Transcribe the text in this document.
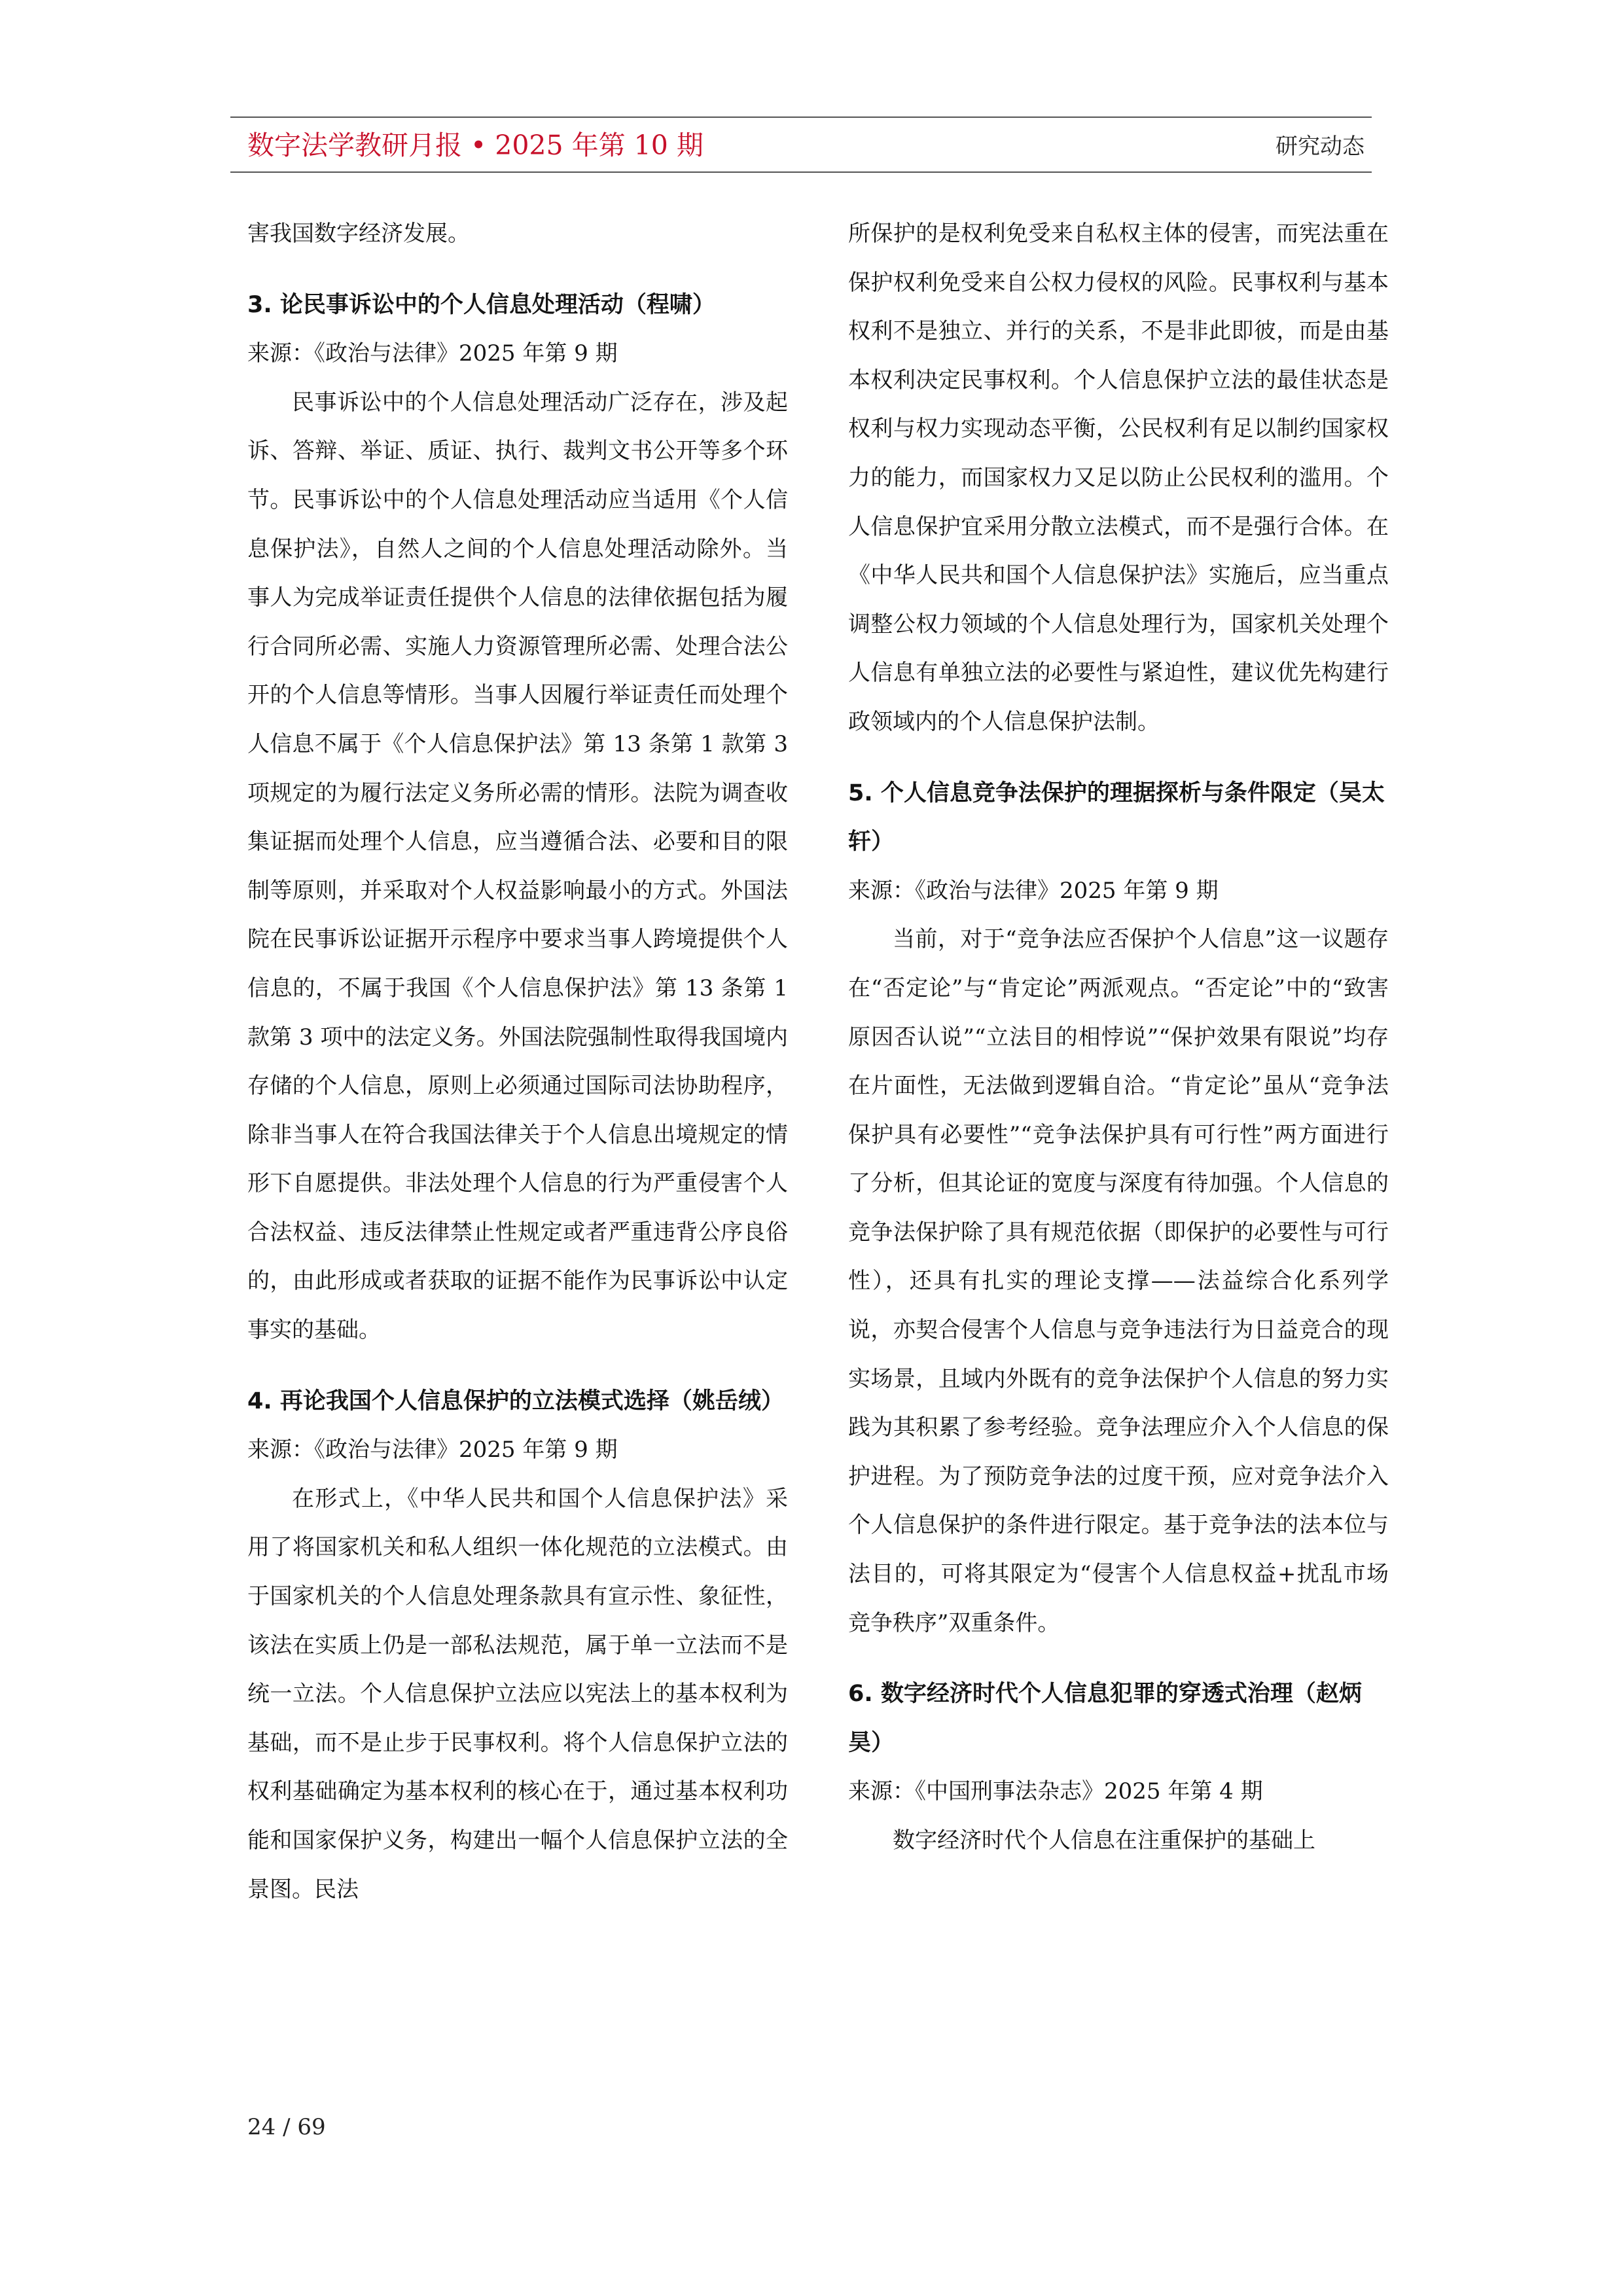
数字法学教研月报 • 2025 年第 10 期	研究动态

害我国数字经济发展。

3. 论民事诉讼中的个人信息处理活动（程啸）

来源：《政治与法律》2025 年第 9 期

民事诉讼中的个人信息处理活动广泛存在，涉及起诉、答辩、举证、质证、执行、裁判文书公开等多个环节。民事诉讼中的个人信息处理活动应当适用《个人信息保护法》，自然人之间的个人信息处理活动除外。当事人为完成举证责任提供个人信息的法律依据包括为履行合同所必需、实施人力资源管理所必需、处理合法公开的个人信息等情形。当事人因履行举证责任而处理个人信息不属于《个人信息保护法》第 13 条第 1 款第 3 项规定的为履行法定义务所必需的情形。法院为调查收集证据而处理个人信息，应当遵循合法、必要和目的限制等原则，并采取对个人权益影响最小的方式。外国法院在民事诉讼证据开示程序中要求当事人跨境提供个人信息的，不属于我国《个人信息保护法》第 13 条第 1 款第 3 项中的法定义务。外国法院强制性取得我国境内存储的个人信息，原则上必须通过国际司法协助程序，除非当事人在符合我国法律关于个人信息出境规定的情形下自愿提供。非法处理个人信息的行为严重侵害个人合法权益、违反法律禁止性规定或者严重违背公序良俗的，由此形成或者获取的证据不能作为民事诉讼中认定事实的基础。

4. 再论我国个人信息保护的立法模式选择（姚岳绒）

来源：《政治与法律》2025 年第 9 期

在形式上，《中华人民共和国个人信息保护法》采用了将国家机关和私人组织一体化规范的立法模式。由于国家机关的个人信息处理条款具有宣示性、象征性，该法在实质上仍是一部私法规范，属于单一立法而不是统一立法。个人信息保护立法应以宪法上的基本权利为基础，而不是止步于民事权利。将个人信息保护立法的权利基础确定为基本权利的核心在于，通过基本权利功能和国家保护义务，构建出一幅个人信息保护立法的全景图。民法

所保护的是权利免受来自私权主体的侵害，而宪法重在保护权利免受来自公权力侵权的风险。民事权利与基本权利不是独立、并行的关系，不是非此即彼，而是由基本权利决定民事权利。个人信息保护立法的最佳状态是权利与权力实现动态平衡，公民权利有足以制约国家权力的能力，而国家权力又足以防止公民权利的滥用。个人信息保护宜采用分散立法模式，而不是强行合体。在《中华人民共和国个人信息保护法》实施后，应当重点调整公权力领域的个人信息处理行为，国家机关处理个人信息有单独立法的必要性与紧迫性，建议优先构建行政领域内的个人信息保护法制。

5. 个人信息竞争法保护的理据探析与条件限定（吴太轩）

来源：《政治与法律》2025 年第 9 期

当前，对于“竞争法应否保护个人信息”这一议题存在“否定论”与“肯定论”两派观点。“否定论”中的“致害原因否认说”“立法目的相悖说”“保护效果有限说”均存在片面性，无法做到逻辑自洽。“肯定论”虽从“竞争法保护具有必要性”“竞争法保护具有可行性”两方面进行了分析，但其论证的宽度与深度有待加强。个人信息的竞争法保护除了具有规范依据（即保护的必要性与可行性），还具有扎实的理论支撑——法益综合化系列学说，亦契合侵害个人信息与竞争违法行为日益竞合的现实场景，且域内外既有的竞争法保护个人信息的努力实践为其积累了参考经验。竞争法理应介入个人信息的保护进程。为了预防竞争法的过度干预，应对竞争法介入个人信息保护的条件进行限定。基于竞争法的法本位与法目的，可将其限定为“侵害个人信息权益+扰乱市场竞争秩序”双重条件。

6. 数字经济时代个人信息犯罪的穿透式治理（赵炳昊）

来源：《中国刑事法杂志》2025 年第 4 期

数字经济时代个人信息在注重保护的基础上

24 / 69
